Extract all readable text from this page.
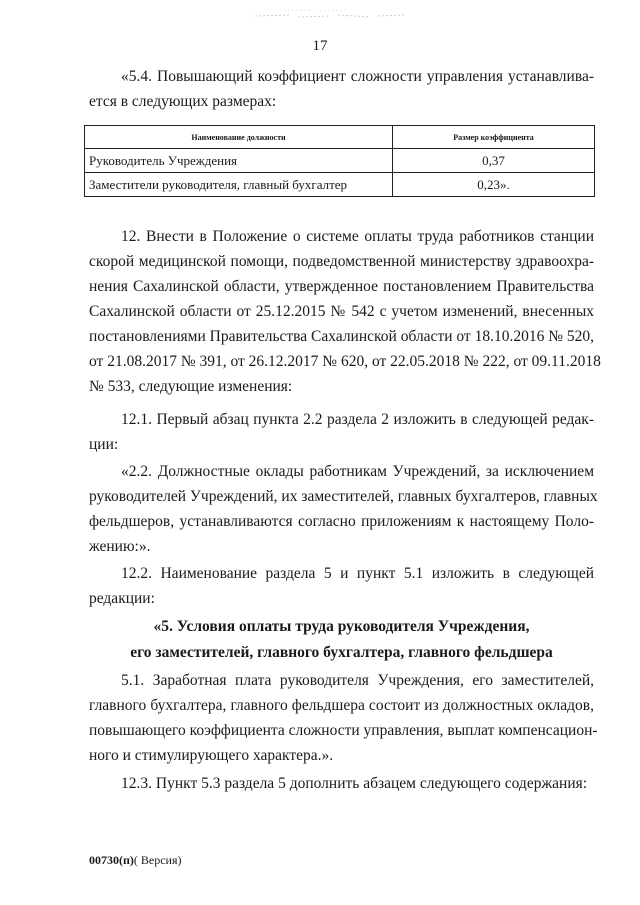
17

«5.4. Повышающий коэффициент сложности управления устанавлива-
ется в следующих размерах:

Наименование должности	Размер коэффициента
Руководитель Учреждения	0,37
Заместители руководителя, главный бухгалтер	0,23».

12. Внести в Положение о системе оплаты труда работников станции
скорой медицинской помощи, подведомственной министерству здравоохра-
нения Сахалинской области, утвержденное постановлением Правительства
Сахалинской области от 25.12.2015 № 542 с учетом изменений, внесенных
постановлениями Правительства Сахалинской области от 18.10.2016 № 520,
от 21.08.2017 № 391, от 26.12.2017 № 620, от 22.05.2018 № 222, от 09.11.2018
№ 533, следующие изменения:

12.1. Первый абзац пункта 2.2 раздела 2 изложить в следующей редак-
ции:

«2.2. Должностные оклады работникам Учреждений, за исключением
руководителей Учреждений, их заместителей, главных бухгалтеров, главных
фельдшеров, устанавливаются согласно приложениям к настоящему Поло-
жению:».

12.2. Наименование раздела 5 и пункт 5.1 изложить в следующей
редакции:

«5. Условия оплаты труда руководителя Учреждения,
его заместителей, главного бухгалтера, главного фельдшера

5.1. Заработная плата руководителя Учреждения, его заместителей,
главного бухгалтера, главного фельдшера состоит из должностных окладов,
повышающего коэффициента сложности управления, выплат компенсацион-
ного и стимулирующего характера.».

12.3. Пункт 5.3 раздела 5 дополнить абзацем следующего содержания:

00730(п)( Версия)
